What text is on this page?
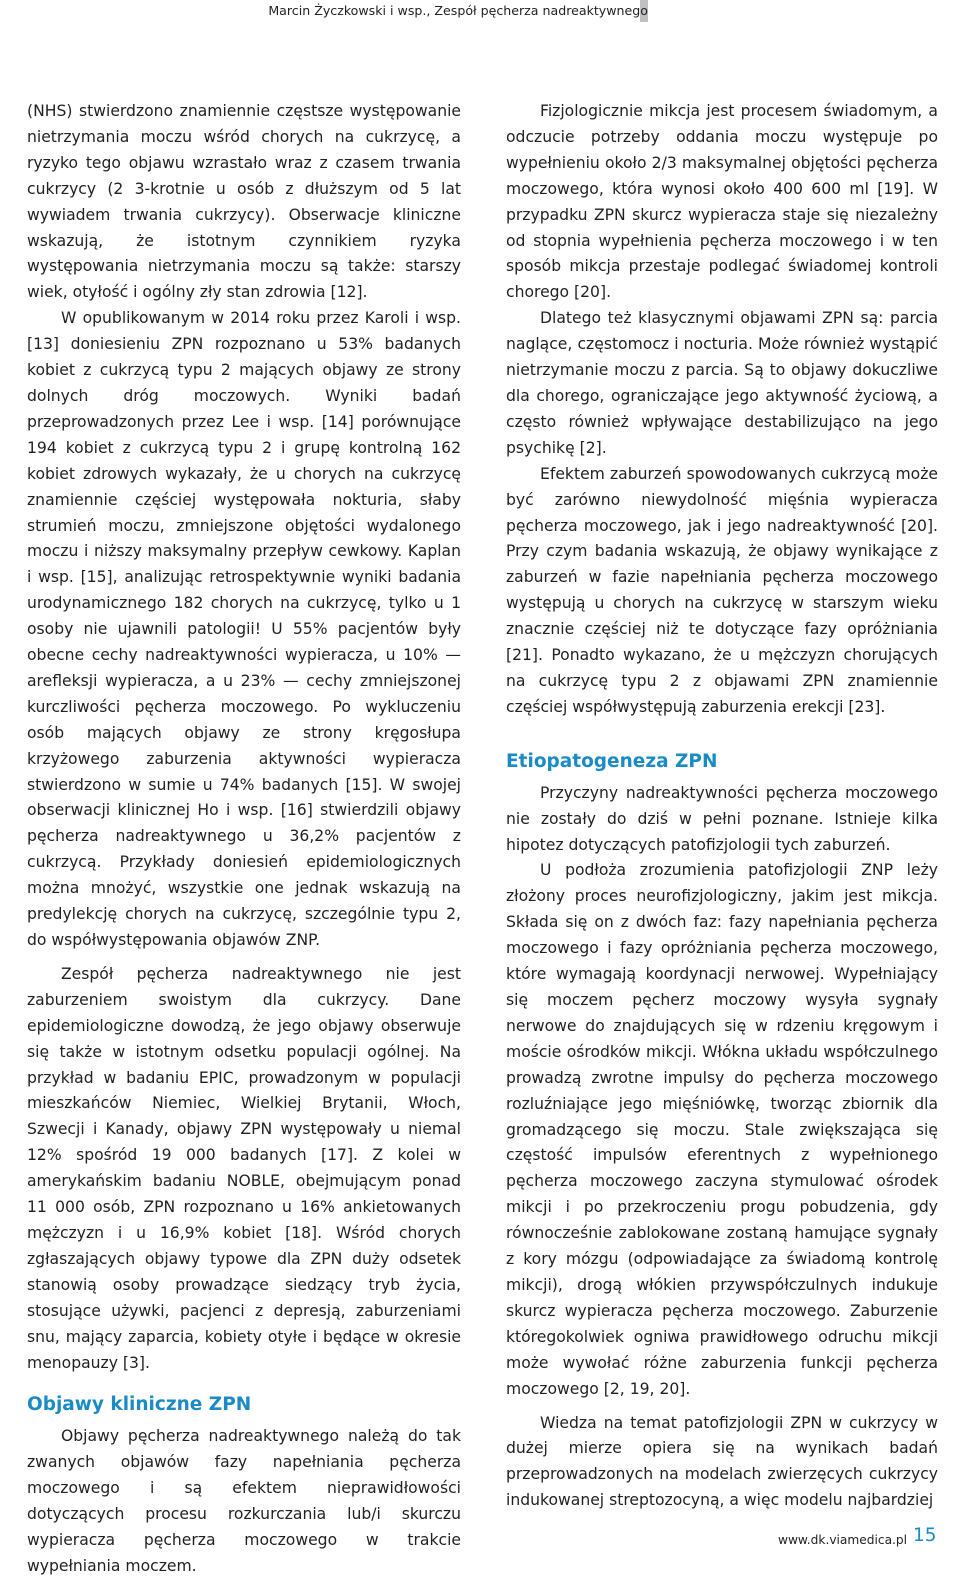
Marcin Życzkowski i wsp., Zespół pęcherza nadreaktywnego

(NHS) stwierdzono znamiennie częstsze występowanie nietrzymania moczu wśród chorych na cukrzycę, a ryzyko tego objawu wzrastało wraz z czasem trwania cukrzycy (2 3-krotnie u osób z dłuższym od 5 lat wywiadem trwania cukrzycy). Obserwacje kliniczne wskazują, że istotnym czynnikiem ryzyka występowania nietrzymania moczu są także: starszy wiek, otyłość i ogólny zły stan zdrowia [12].

W opublikowanym w 2014 roku przez Karoli i wsp. [13] doniesieniu ZPN rozpoznano u 53% badanych kobiet z cukrzycą typu 2 mających objawy ze strony dolnych dróg moczowych. Wyniki badań przeprowadzonych przez Lee i wsp. [14] porównujące 194 kobiet z cukrzycą typu 2 i grupę kontrolną 162 kobiet zdrowych wykazały, że u chorych na cukrzycę znamiennie częściej występowała nokturia, słaby strumień moczu, zmniejszone objętości wydalonego moczu i niższy maksymalny przepływ cewkowy. Kaplan i wsp. [15], analizując retrospektywnie wyniki badania urodynamicznego 182 chorych na cukrzycę, tylko u 1 osoby nie ujawnili patologii! U 55% pacjentów były obecne cechy nadreaktywności wypieracza, u 10% — arefleksji wypieracza, a u 23% — cechy zmniejszonej kurczliwości pęcherza moczowego. Po wykluczeniu osób mających objawy ze strony kręgosłupa krzyżowego zaburzenia aktywności wypieracza stwierdzono w sumie u 74% badanych [15]. W swojej obserwacji klinicznej Ho i wsp. [16] stwierdzili objawy pęcherza nadreaktywnego u 36,2% pacjentów z cukrzycą. Przykłady doniesień epidemiologicznych można mnożyć, wszystkie one jednak wskazują na predylekcję chorych na cukrzycę, szczególnie typu 2, do współwystępowania objawów ZNP.

Zespół pęcherza nadreaktywnego nie jest zaburzeniem swoistym dla cukrzycy. Dane epidemiologiczne dowodzą, że jego objawy obserwuje się także w istotnym odsetku populacji ogólnej. Na przykład w badaniu EPIC, prowadzonym w populacji mieszkańców Niemiec, Wielkiej Brytanii, Włoch, Szwecji i Kanady, objawy ZPN występowały u niemal 12% spośród 19 000 badanych [17]. Z kolei w amerykańskim badaniu NOBLE, obejmującym ponad 11 000 osób, ZPN rozpoznano u 16% ankietowanych mężczyzn i u 16,9% kobiet [18]. Wśród chorych zgłaszających objawy typowe dla ZPN duży odsetek stanowią osoby prowadzące siedzący tryb życia, stosujące używki, pacjenci z depresją, zaburzeniami snu, mający zaparcia, kobiety otyłe i będące w okresie menopauzy [3].

Objawy kliniczne ZPN

Objawy pęcherza nadreaktywnego należą do tak zwanych objawów fazy napełniania pęcherza moczowego i są efektem nieprawidłowości dotyczących procesu rozkurczania lub/i skurczu wypieracza pęcherza moczowego w trakcie wypełniania moczem.

Fizjologicznie mikcja jest procesem świadomym, a odczucie potrzeby oddania moczu występuje po wypełnieniu około 2/3 maksymalnej objętości pęcherza moczowego, która wynosi około 400 600 ml [19]. W przypadku ZPN skurcz wypieracza staje się niezależny od stopnia wypełnienia pęcherza moczowego i w ten sposób mikcja przestaje podlegać świadomej kontroli chorego [20].

Dlatego też klasycznymi objawami ZPN są: parcia naglące, częstomocz i nocturia. Może również wystąpić nietrzymanie moczu z parcia. Są to objawy dokuczliwe dla chorego, ograniczające jego aktywność życiową, a często również wpływające destabilizująco na jego psychikę [2].

Efektem zaburzeń spowodowanych cukrzycą może być zarówno niewydolność mięśnia wypieracza pęcherza moczowego, jak i jego nadreaktywność [20]. Przy czym badania wskazują, że objawy wynikające z zaburzeń w fazie napełniania pęcherza moczowego występują u chorych na cukrzycę w starszym wieku znacznie częściej niż te dotyczące fazy opróżniania [21]. Ponadto wykazano, że u mężczyzn chorujących na cukrzycę typu 2 z objawami ZPN znamiennie częściej współwystępują zaburzenia erekcji [23].

Etiopatogeneza ZPN

Przyczyny nadreaktywności pęcherza moczowego nie zostały do dziś w pełni poznane. Istnieje kilka hipotez dotyczących patofizjologii tych zaburzeń.

U podłoża zrozumienia patofizjologii ZNP leży złożony proces neurofizjologiczny, jakim jest mikcja. Składa się on z dwóch faz: fazy napełniania pęcherza moczowego i fazy opróżniania pęcherza moczowego, które wymagają koordynacji nerwowej. Wypełniający się moczem pęcherz moczowy wysyła sygnały nerwowe do znajdujących się w rdzeniu kręgowym i moście ośrodków mikcji. Włókna układu współczulnego prowadzą zwrotne impulsy do pęcherza moczowego rozluźniające jego mięśniówkę, tworząc zbiornik dla gromadzącego się moczu. Stale zwiększająca się częstość impulsów eferentnych z wypełnionego pęcherza moczowego zaczyna stymulować ośrodek mikcji i po przekroczeniu progu pobudzenia, gdy równocześnie zablokowane zostaną hamujące sygnały z kory mózgu (odpowiadające za świadomą kontrolę mikcji), drogą włókien przywspółczulnych indukuje skurcz wypieracza pęcherza moczowego. Zaburzenie któregokolwiek ogniwa prawidłowego odruchu mikcji może wywołać różne zaburzenia funkcji pęcherza moczowego [2, 19, 20].

Wiedza na temat patofizjologii ZPN w cukrzycy w dużej mierze opiera się na wynikach badań przeprowadzonych na modelach zwierzęcych cukrzycy indukowanej streptozocyną, a więc modelu najbardziej

www.dk.viamedica.pl 15
